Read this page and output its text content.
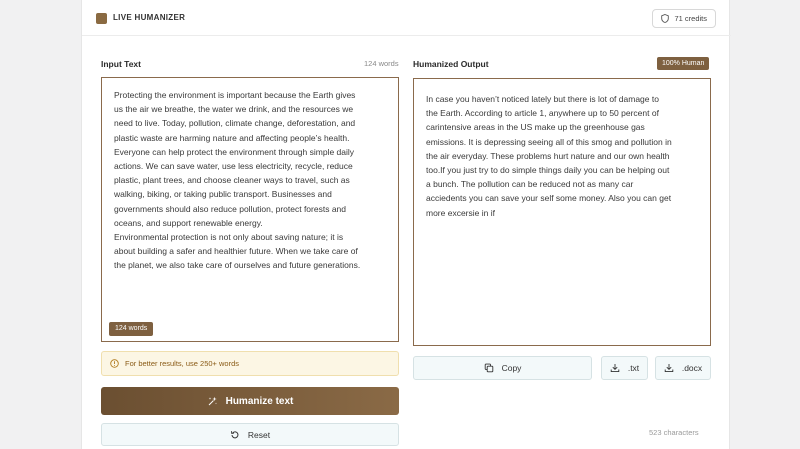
LIVE HUMANIZER	71 credits
Input Text	124 words
Protecting the environment is important because the Earth gives
us the air we breathe, the water we drink, and the resources we
need to live. Today, pollution, climate change, deforestation, and
plastic waste are harming nature and affecting people’s health.
Everyone can help protect the environment through simple daily
actions. We can save water, use less electricity, recycle, reduce
plastic, plant trees, and choose cleaner ways to travel, such as
walking, biking, or taking public transport. Businesses and
governments should also reduce pollution, protect forests and
oceans, and support renewable energy.
Environmental protection is not only about saving nature; it is
about building a safer and healthier future. When we take care of
the planet, we also take care of ourselves and future generations.
124 words
For better results, use 250+ words
Humanize text
Reset
Humanized Output	100% Human
In case you haven’t noticed lately but there is lot of damage to
the Earth. According to article 1, anywhere up to 50 percent of
carintensive areas in the US make up the greenhouse gas
emissions. It is depressing seeing all of this smog and pollution in
the air everyday. These problems hurt nature and our own health
too.If you just try to do simple things daily you can be helping out
a bunch. The pollution can be reduced not as many car
acciedents you can save your self some money. Also you can get
more excersie in if
Copy	.txt	.docx
523 characters
